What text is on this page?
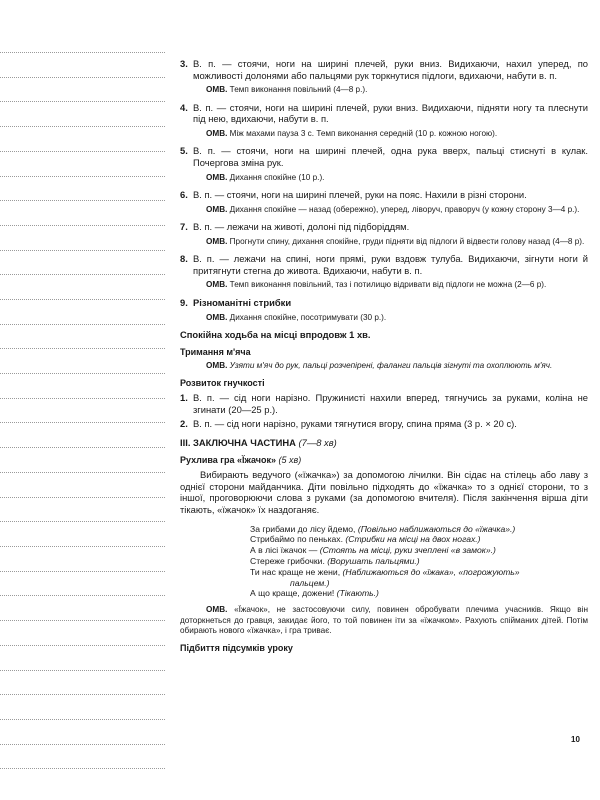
3. В. п. — стоячи, ноги на ширині плечей, руки вниз. Видихаючи, нахил уперед, по можливості долонями або пальцями рук торкнутися підлоги, вдихаючи, набути в. п.
ОМВ. Темп виконання повільний (4—8 р.).
4. В. п. — стоячи, ноги на ширині плечей, руки вниз. Видихаючи, підняти ногу та плеснути під нею, вдихаючи, набути в. п.
ОМВ. Між махами пауза 3 с. Темп виконання середній (10 р. кожною ногою).
5. В. п. — стоячи, ноги на ширині плечей, одна рука вверх, пальці стиснуті в кулак. Почергова зміна рук.
ОМВ. Дихання спокійне (10 р.).
6. В. п. — стоячи, ноги на ширині плечей, руки на пояс. Нахили в різні сторони.
ОМВ. Дихання спокійне — назад (обережно), уперед, ліворуч, праворуч (у кожну сторону 3—4 р.).
7. В. п. — лежачи на животі, долоні під підборіддям.
ОМВ. Прогнути спину, дихання спокійне, груди підняти від підлоги й відвести голову назад (4—8 р).
8. В. п. — лежачи на спині, ноги прямі, руки вздовж тулуба. Видихаючи, зігнути ноги й притягнути стегна до живота. Вдихаючи, набути в. п.
ОМВ. Темп виконання повільний, таз і потилицю відривати від підлоги не можна (2—6 р).
9. Різноманітні стрибки
ОМВ. Дихання спокійне, посотримувати (30 р.).
Спокійна ходьба на місці впродовж 1 хв.
Тримання м'яча
ОМВ. Узяти м'яч до рук, пальці розчепірені, фаланги пальців зігнуті та охоплюють м'яч.
Розвиток гнучкості
1. В. п. — сід ноги нарізно. Пружинисті нахили вперед, тягнучись за руками, коліна не згинати (20—25 р.).
2. В. п. — сід ноги нарізно, руками тягнутися вгору, спина пряма (3 р. × 20 с).
ІІІ. ЗАКЛЮЧНА ЧАСТИНА (7—8 хв)
Рухлива гра «Їжачок» (5 хв)
Вибирають ведучого («їжачка») за допомогою лічилки. Він сідає на стілець або лаву з однієї сторони майданчика. Діти повільно підходять до «їжачка» то з однієї сторони, то з іншої, проговорюючи слова з руками (за допомогою вчителя). Після закінчення вірша діти тікають, «їжачок» їх наздоганяє.
За грибами до лісу йдемо, (Повільно наближаються до «їжачка».)
Стрибаймо по пеньках. (Стрибки на місці на двох ногах.)
А в лісі їжачок — (Стоять на місці, руки зчеплені «в замок».)
Стереже грибочки. (Ворушать пальцями.)
Ти нас краще не жени, (Наближаються до «їжака», «погрожують»
пальцем.)
А що краще, дожени! (Тікають.)
ОМВ. «Їжачок», не застосовуючи силу, повинен обробувати плечима учасників. Якщо він доторкнеться до гравця, закидає його, то той повинен іти за «їжачком». Рахують спійманих дітей. Потім обирають нового «їжачка», і гра триває.
Підбиття підсумків уроку
10
